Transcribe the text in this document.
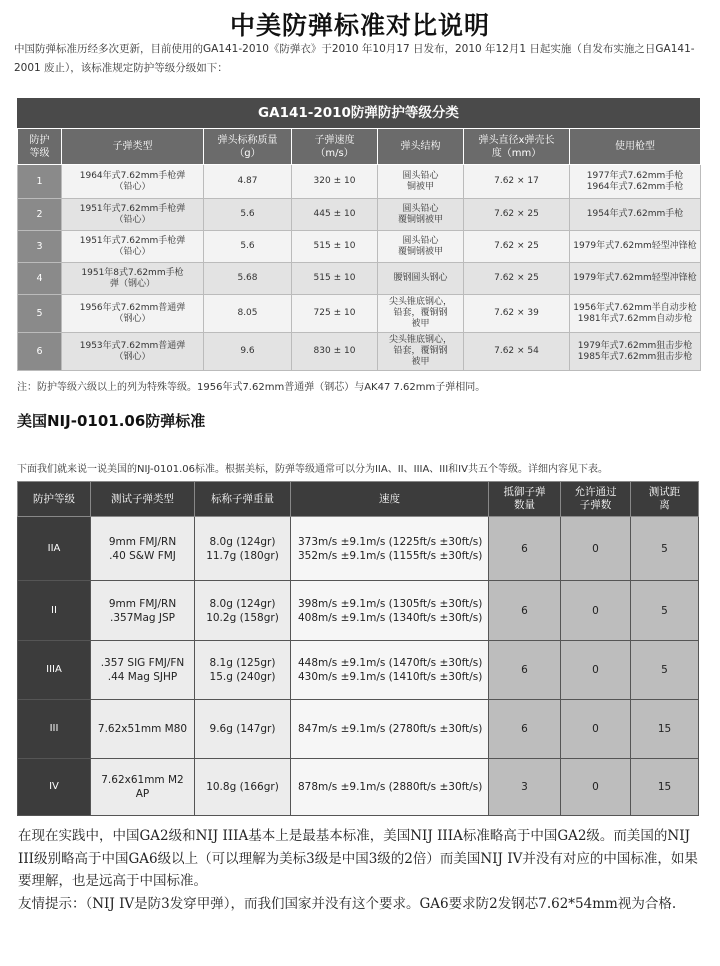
中美防弹标准对比说明
中国防弹标准历经多次更新，目前使用的GA141-2010《防弹衣》于2010 年10月17 日发布，2010 年12月1 日起实施（自发布实施之日GA141-2001 废止），该标准规定防护等级分级如下：
GA141-2010防弹防护等级分类
防护
等级	子弹类型	弹头标称质量
（g）	子弹速度
（m/s）	弹头结构	弹头直径x弹壳长
度（mm）	使用枪型
1	1964年式7.62mm手枪弹
（铅心）	4.87	320 ± 10	圆头铅心
铜被甲	7.62 × 17	1977年式7.62mm手枪
1964年式7.62mm手枪
2	1951年式7.62mm手枪弹
（铅心）	5.6	445 ± 10	圆头铅心
覆铜钢被甲	7.62 × 25	1954年式7.62mm手枪
3	1951年式7.62mm手枪弹
（铅心）	5.6	515 ± 10	圆头铅心
覆铜钢被甲	7.62 × 25	1979年式7.62mm轻型冲锋枪
4	1951年8式7.62mm手枪
弹（钢心）	5.68	515 ± 10	腰钢圆头钢心	7.62 × 25	1979年式7.62mm轻型冲锋枪
5	1956年式7.62mm普通弹
（钢心）	8.05	725 ± 10	尖头锥底钢心，
铅套，覆铜钢
被甲	7.62 × 39	1956年式7.62mm半自动步枪
1981年式7.62mm自动步枪
6	1953年式7.62mm普通弹
（钢心）	9.6	830 ± 10	尖头锥底钢心，
铅套，覆铜钢
被甲	7.62 × 54	1979年式7.62mm狙击步枪
1985年式7.62mm狙击步枪
注：防护等级六级以上的列为特殊等级。1956年式7.62mm普通弹（钢芯）与AK47 7.62mm子弹相同。
美国NIJ-0101.06防弹标准
下面我们就来说一说美国的NIJ-0101.06标准。根据美标，防弹等级通常可以分为IIA、II、IIIA、III和IV共五个等级。详细内容见下表。
防护等级	测试子弹类型	标称子弹重量	速度	抵御子弹
数量	允许通过
子弹数	测试距
离
IIA	9mm FMJ/RN
.40 S&W FMJ	8.0g (124gr)
11.7g (180gr)	373m/s ±9.1m/s (1225ft/s ±30ft/s)
352m/s ±9.1m/s (1155ft/s ±30ft/s)	6	0	5
II	9mm FMJ/RN
.357Mag JSP	8.0g (124gr)
10.2g (158gr)	398m/s ±9.1m/s (1305ft/s ±30ft/s)
408m/s ±9.1m/s (1340ft/s ±30ft/s)	6	0	5
IIIA	.357 SIG FMJ/FN
.44 Mag SJHP	8.1g (125gr)
15.g (240gr)	448m/s ±9.1m/s (1470ft/s ±30ft/s)
430m/s ±9.1m/s (1410ft/s ±30ft/s)	6	0	5
III	7.62x51mm M80	9.6g (147gr)	847m/s ±9.1m/s (2780ft/s ±30ft/s)	6	0	15
IV	7.62x61mm M2
AP	10.8g (166gr)	878m/s ±9.1m/s (2880ft/s ±30ft/s)	3	0	15

在现在实践中，中国GA2级和NIJ IIIA基本上是最基本标准，美国NIJ IIIA标准略高于中国GA2级。而美国的NIJ III级别略高于中国GA6级以上（可以理解为美标3级是中国3级的2倍）而美国NIJ IV并没有对应的中国标准，如果要理解，也是远高于中国标准。

友情提示：（NIJ IV是防3发穿甲弹），而我们国家并没有这个要求。GA6要求防2发钢芯7.62*54mm视为合格.
